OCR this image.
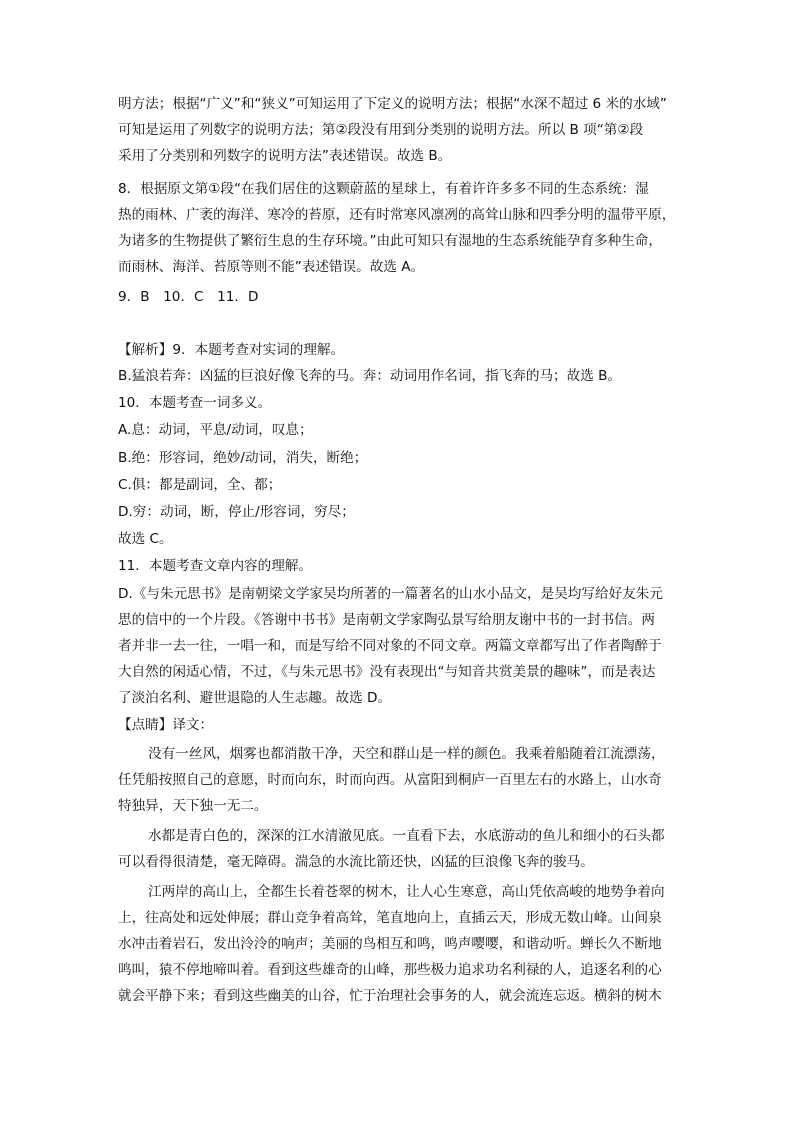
明方法；根据“广义”和“狭义”可知运用了下定义的说明方法；根据“水深不超过 6 米的水域”
可知是运用了列数字的说明方法；第②段没有用到分类别的说明方法。所以 B 项“第②段
采用了分类别和列数字的说明方法”表述错误。故选 B。
8．根据原文第①段“在我们居住的这颗蔚蓝的星球上，有着许许多多不同的生态系统：湿
热的雨林、广袤的海洋、寒冷的苔原，还有时常寒风凛冽的高耸山脉和四季分明的温带平原，
为诸多的生物提供了繁衍生息的生存环境。”由此可知只有湿地的生态系统能孕育多种生命，
而雨林、海洋、苔原等则不能”表述错误。故选 A。
9．B　10．C　11．D
【解析】9．本题考查对实词的理解。
B.猛浪若奔：凶猛的巨浪好像飞奔的马。奔：动词用作名词，指飞奔的马；故选 B。
10．本题考查一词多义。
A.息：动词，平息/动词，叹息；
B.绝：形容词，绝妙/动词，消失，断绝；
C.俱：都是副词，全、都；
D.穷：动词，断，停止/形容词，穷尽；
故选 C。
11．本题考查文章内容的理解。
D.《与朱元思书》是南朝梁文学家吴均所著的一篇著名的山水小品文，是吴均写给好友朱元
思的信中的一个片段。《答谢中书书》是南朝文学家陶弘景写给朋友谢中书的一封书信。两
者并非一去一往，一唱一和，而是写给不同对象的不同文章。两篇文章都写出了作者陶醉于
大自然的闲适心情，不过，《与朱元思书》没有表现出“与知音共赏美景的趣味”，而是表达
了淡泊名利、避世退隐的人生志趣。故选 D。
【点睛】译文：
没有一丝风，烟雾也都消散干净，天空和群山是一样的颜色。我乘着船随着江流漂荡，
任凭船按照自己的意愿，时而向东，时而向西。从富阳到桐庐一百里左右的水路上，山水奇
特独异，天下独一无二。
水都是青白色的，深深的江水清澈见底。一直看下去，水底游动的鱼儿和细小的石头都
可以看得很清楚，毫无障碍。湍急的水流比箭还快，凶猛的巨浪像飞奔的骏马。
江两岸的高山上，全都生长着苍翠的树木，让人心生寒意，高山凭依高峻的地势争着向
上，往高处和远处伸展；群山竞争着高耸，笔直地向上，直插云天，形成无数山峰。山间泉
水冲击着岩石，发出泠泠的响声；美丽的鸟相互和鸣，鸣声嘤嘤，和谐动听。蝉长久不断地
鸣叫，猿不停地啼叫着。看到这些雄奇的山峰，那些极力追求功名利禄的人，追逐名利的心
就会平静下来；看到这些幽美的山谷，忙于治理社会事务的人，就会流连忘返。横斜的树木
